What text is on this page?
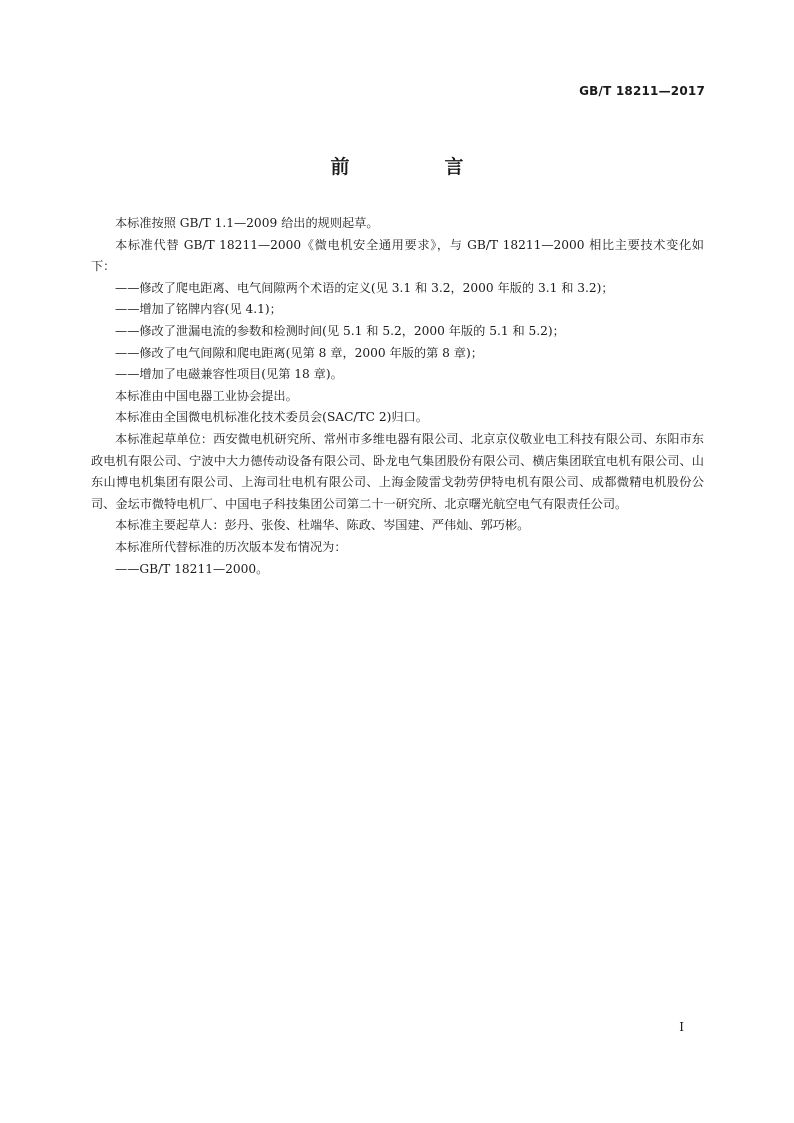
GB/T 18211—2017
前　言

本标准按照 GB/T 1.1—2009 给出的规则起草。

本标准代替 GB/T 18211—2000《微电机安全通用要求》，与 GB/T 18211—2000 相比主要技术变化如下：

——修改了爬电距离、电气间隙两个术语的定义(见 3.1 和 3.2，2000 年版的 3.1 和 3.2)；

——增加了铭牌内容(见 4.1)；

——修改了泄漏电流的参数和检测时间(见 5.1 和 5.2，2000 年版的 5.1 和 5.2)；

——修改了电气间隙和爬电距离(见第 8 章，2000 年版的第 8 章)；

——增加了电磁兼容性项目(见第 18 章)。

本标准由中国电器工业协会提出。

本标准由全国微电机标准化技术委员会(SAC/TC 2)归口。

本标准起草单位：西安微电机研究所、常州市多维电器有限公司、北京京仪敬业电工科技有限公司、东阳市东政电机有限公司、宁波中大力德传动设备有限公司、卧龙电气集团股份有限公司、横店集团联宜电机有限公司、山东山博电机集团有限公司、上海司壮电机有限公司、上海金陵雷戈勃劳伊特电机有限公司、成都微精电机股份公司、金坛市微特电机厂、中国电子科技集团公司第二十一研究所、北京曙光航空电气有限责任公司。

本标准主要起草人：彭丹、张俊、杜端华、陈政、岑国建、严伟灿、郭巧彬。

本标准所代替标准的历次版本发布情况为：

——GB/T 18211—2000。

I
